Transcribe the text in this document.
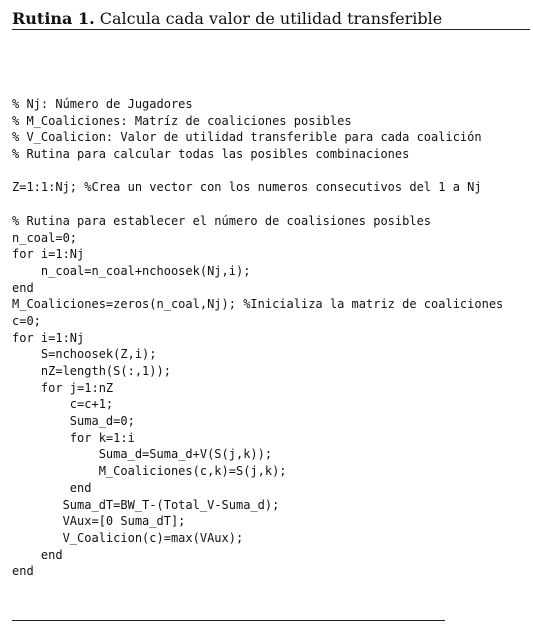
Rutina 1. Calcula cada valor de utilidad transferible
% Nj: Número de Jugadores
% M_Coaliciones: Matríz de coaliciones posibles
% V_Coalicion: Valor de utilidad transferible para cada coalición
% Rutina para calcular todas las posibles combinaciones
Z=1:1:Nj; %Crea un vector con los numeros consecutivos del 1 a Nj
% Rutina para establecer el número de coalisiones posibles
n_coal=0;
for i=1:Nj
n_coal=n_coal+nchoosek(Nj,i);
end
M_Coaliciones=zeros(n_coal,Nj); %Inicializa la matriz de coaliciones
c=0;
for i=1:Nj
S=nchoosek(Z,i);
nZ=length(S(:,1));
for j=1:nZ
c=c+1;
Suma_d=0;
for k=1:i
Suma_d=Suma_d+V(S(j,k));
M_Coaliciones(c,k)=S(j,k);
end
Suma_dT=BW_T-(Total_V-Suma_d);
VAux=[0 Suma_dT];
V_Coalicion(c)=max(VAux);
end
end
